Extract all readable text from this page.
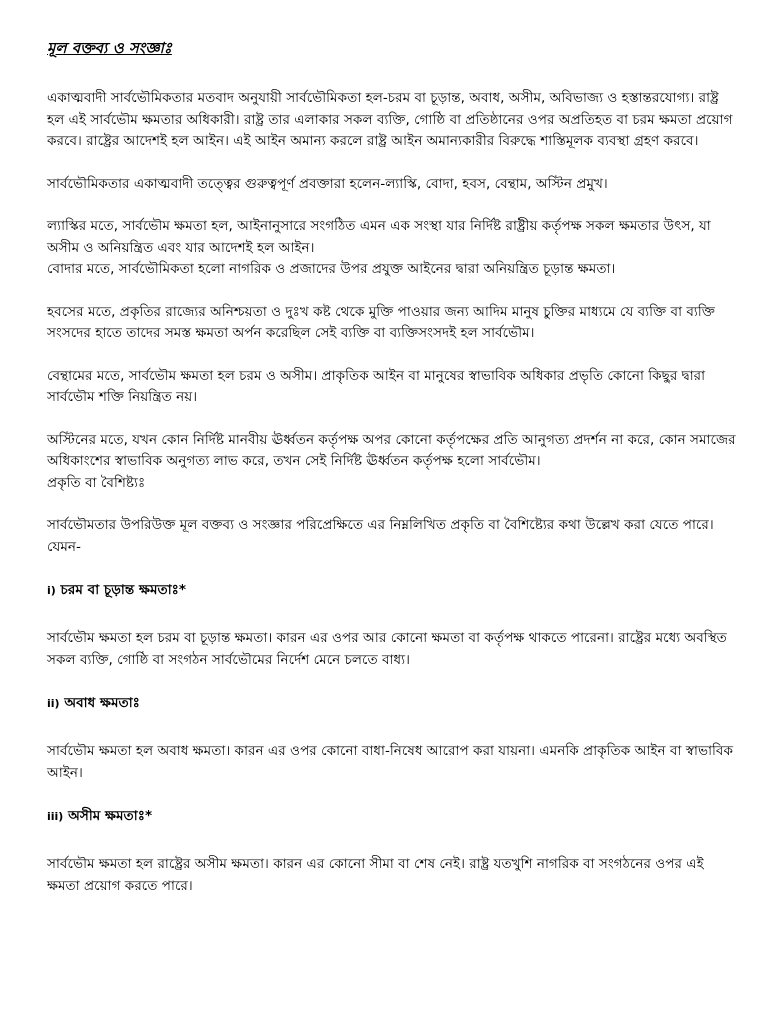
মূল বক্তব্য ও সংজ্ঞাঃ

একাত্মবাদী সার্বভৌমিকতার মতবাদ অনুযায়ী সার্বভৌমিকতা হল-চরম বা চূড়ান্ত, অবাধ, অসীম, অবিভাজ্য ও হস্তান্তরযোগ্য। রাষ্ট্র হল এই সার্বভৌম ক্ষমতার অধিকারী। রাষ্ট্র তার এলাকার সকল ব্যক্তি, গোষ্ঠি বা প্রতিষ্ঠানের ওপর অপ্রতিহত বা চরম ক্ষমতা প্রয়োগ করবে। রাষ্ট্রের আদেশই হল আইন। এই আইন অমান্য করলে রাষ্ট্র আইন অমান্যকারীর বিরুদ্ধে শাস্তিমূলক ব্যবস্থা গ্রহণ করবে।

সার্বভৌমিকতার একাত্মবাদী তত্ত্বের গুরুত্বপূর্ণ প্রবক্তারা হলেন-ল্যাস্কি, বোদা, হবস, বেন্থাম, অস্টিন প্রমুখ।

ল্যাস্কির মতে, সার্বভৌম ক্ষমতা হল, আইনানুসারে সংগঠিত এমন এক সংস্থা যার নির্দিষ্ট রাষ্ট্রীয় কর্তৃপক্ষ সকল ক্ষমতার উৎস, যা অসীম ও অনিয়ন্ত্রিত এবং যার আদেশই হল আইন।

বোদার মতে, সার্বভৌমিকতা হলো নাগরিক ও প্রজাদের উপর প্রযুক্ত আইনের দ্বারা অনিয়ন্ত্রিত চূড়ান্ত ক্ষমতা।

হবসের মতে, প্রকৃতির রাজ্যের অনিশ্চয়তা ও দুঃখ কষ্ট থেকে মুক্তি পাওয়ার জন্য আদিম মানুষ চুক্তির মাধ্যমে যে ব্যক্তি বা ব্যক্তি সংসদের হাতে তাদের সমস্ত ক্ষমতা অর্পন করেছিল সেই ব্যক্তি বা ব্যক্তিসংসদই হল সার্বভৌম।

বেন্থামের মতে, সার্বভৌম ক্ষমতা হল চরম ও অসীম। প্রাকৃতিক আইন বা মানুষের স্বাভাবিক অধিকার প্রভৃতি কোনো কিছুর দ্বারা সার্বভৌম শক্তি নিয়ন্ত্রিত নয়।

অস্টিনের মতে, যখন কোন নির্দিষ্ট মানবীয় ঊর্ধ্বতন কর্তৃপক্ষ অপর কোনো কর্তৃপক্ষের প্রতি আনুগত্য প্রদর্শন না করে, কোন সমাজের অধিকাংশের স্বাভাবিক অনুগত্য লাভ করে, তখন সেই নির্দিষ্ট ঊর্ধ্বতন কর্তৃপক্ষ হলো সার্বভৌম।

প্রকৃতি বা বৈশিষ্ট্যঃ

সার্বভৌমতার উপরিউক্ত মূল বক্তব্য ও সংজ্ঞার পরিপ্রেক্ষিতে এর নিম্নলিখিত প্রকৃতি বা বৈশিষ্ট্যের কথা উল্লেখ করা যেতে পারে। যেমন-

i) চরম বা চূড়ান্ত ক্ষমতাঃ*

সার্বভৌম ক্ষমতা হল চরম বা চূড়ান্ত ক্ষমতা। কারন এর ওপর আর কোনো ক্ষমতা বা কর্তৃপক্ষ থাকতে পারেনা। রাষ্ট্রের মধ্যে অবস্থিত সকল ব্যক্তি, গোষ্ঠি বা সংগঠন সার্বভৌমের নির্দেশ মেনে চলতে বাধ্য।

ii) অবাধ ক্ষমতাঃ

সার্বভৌম ক্ষমতা হল অবাধ ক্ষমতা। কারন এর ওপর কোনো বাধা-নিষেধ আরোপ করা যায়না। এমনকি প্রাকৃতিক আইন বা স্বাভাবিক আইন।

iii) অসীম ক্ষমতাঃ*

সার্বভৌম ক্ষমতা হল রাষ্ট্রের অসীম ক্ষমতা। কারন এর কোনো সীমা বা শেষ নেই। রাষ্ট্র যতখুশি নাগরিক বা সংগঠনের ওপর এই ক্ষমতা প্রয়োগ করতে পারে।
